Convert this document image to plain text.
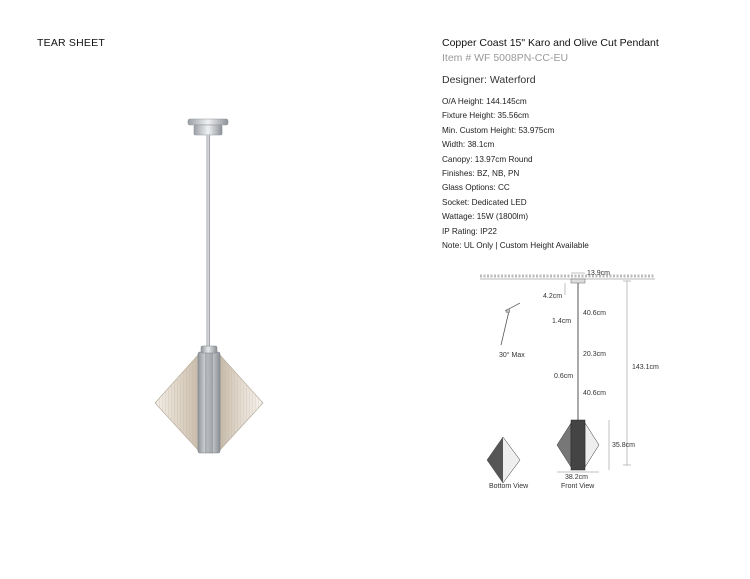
TEAR SHEET	Copper Coast 15" Karo and Olive Cut Pendant
Item # WF 5008PN-CC-EU
Designer: Waterford
O/A Height: 144.145cm
Fixture Height: 35.56cm
Min. Custom Height: 53.975cm
Width: 38.1cm
Canopy: 13.97cm Round
Finishes: BZ, NB, PN
Glass Options: CC
Socket: Dedicated LED
Wattage: 15W (1800lm)
IP Rating: IP22
Note: UL Only | Custom Height Available
13.9cm
4.2cm
40.6cm
1.4cm
20.3cm
0.6cm
40.6cm
143.1cm
35.8cm
38.2cm
Front View
Bottom View
30° Max
